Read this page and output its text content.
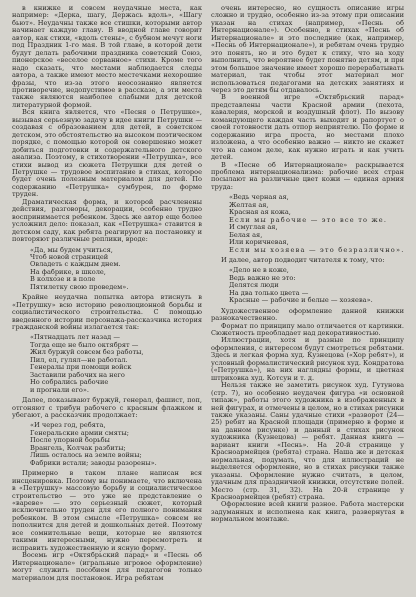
в книжке и совсем неудачные места, как например: «Дерка, шагу, Держась вдоль», «Шагу бьют». Неудачны также все стишки, которыми автор начинает каждую главу. В вводной главе говорит автор, как стихи, «вдоль стены», с бубном мечут ноги под Праздник 1-го мая. В той главе, в которой дети будут делать рабочими праздника советский Союз, пионерское «веселое сорванное» стихи. Кроме того надо сказать, что местами наблюдается следы автора, а также имеют место местечками нехорошие фразы, что из-за этого неосознанно является противоречие, недопустимое в рассказе, а эти места также являются наиболее слабыми для детской литературной формой.

Вся книга является, что «Песня о Петрушке», вызывая серьезную задачу в идее книги Петрушки — создавая с образованием для детей, в советском детском, это обстоятельство на высоком поэтическом порядке, с помощью которой он совершенно может добиться подготовки и содержательного детского анализа. Поэтому, в стихотворении «Петрушка», все стихи вывод из сюжета Петрушки для детей о Петрушке — трудовое воспитание в стихах, которое будет очень полезным материалом для детей. По содержанию «Петрушка» сумбурен, по форме труден.

Драматическая форма, и которой расчленены действия, разговоры, декорации, особенно трудно воспринимается ребенком. Здесь же автор еще более усложнил дело: показал, как «Петрушка» ставится в детском саду, как ребята реагируют на постановку и повторяют различные реплики, вроде:

«Да, мы будем учиться,
Чтоб новой страницей
Овладеть с каждым днем.
На фабрике, в школе,
В колхозе и в поле
Пятилетку свою проведем».

Крайне неудачна попытка автора втиснуть в «Петрушку» всю историю революционной борьбы и социалистического строительства. С помощью введенного истории персонажа-рассказчика история гражданской войны излагается так:

«Пятнадцать лет назад —
Тогда еще не было октябрят —
Жил буржуй совсем без работы,
Пил, ел, гулял—не работал.
Генералы при помощи войск
Заставили рабочих на него
Но собрались рабочие
и прогнали его».

Далее, показывают буржуй, генерал, фашист, поп, отгоняют с трибун рабочего с красным флажком и убегают, а рассказчик продолжает:

«И через год, ребята,
Генеральские армии смяты;
После упорной борьбы
Врангель, Колчак разбиты;
Лишь осталось на земле войны;
Фабрики встали; заводы разорены».

Примерно в таком плане написан вся инсценировка. Поэтому вы понимаете, что включена в «Петрушку» массовую борьбу и социалистическое строительство — это уже не представление о «вареве» — это серьезный сюжет, который исключительно труден для его полного понимания ребенком. В этом смысле «Петрушка» совсем не пополнится для детей и дошкольных детей. Поэтому все сомнительные вещи, которые не являются такими интересными, нужно пересмотреть и исправить художественную и ясную форму.

Восемь игр «Октябрьский парад» и «Песнь об Интернационале» (игральные игровое оформление) могут служить пособием для педагогов только материалом для постановок. Игра ребятам

очень интересно, но сущность описание игры сложно и трудно, особенно из-за этому при описании указан на стихах (например, «Песнь об Интернационале»). Особенно, в стихах «Песнь об Интернационале» и это последние (как, например, «Песнь об Интернационале»), и ребятам очень трудно это понять, но и это будет к стиху, что на ходу выполнить, что вероятнее будет понятно детям, и при этом большое значение имеет хорошо перерабатывать материал, так чтобы этот материал мог использоваться педагогами на детских занятиях и через это детям бы отдавалось.

В военной игре «Октябрьский парад» представлены части Красной армии (пехота, кавалерия, морской и воздушный флот). По вызову командующего каждая часть выходит и рапортует о своей готовности дать отпор неприятелю. По форме и содержанию игра проста, но местами плохо изложена, а что особенно важно — никто не скажет что на самом деле, как нужно играть и как учить детей.

В «Песне об Интернационале» раскрывается проблема интернационализма: рабочие всех стран посылают на различные цвет кожи — единая армия труда:

«Ведь черная ая,
Желтая ая,
Красная ая кожа,
Если мы рабочие — это все то же.
И смуглая ая,
Белая ая,
Или коричневая,
Если мы хозяева — это безразлично».

И далее, автор подводит читателя к тому, что:

«Дело не в коже,
Ведь важно не это:
Делятся люди
На два только цвета —
Красные — рабочие и белые — хозяева».

Художественное оформление данной книжки разнокачественно.

Формат по принципу мало отличается от картинки. Сюжетность преобладает над декоративностью.

Иллюстрации, хотя и разные по принципу оформления, с интересом будут смотреться ребятами. Здесь и легкая форма худ. Кузнецова («Хор ребят»), и условный формалистический рисунок худ. Кондратова («Петрушка»), на них наглядны формы, и цветная штриховка худ. Котсун и т. д.

Нельзя также не заметить рисунок худ. Гутунова (стр. 7), но особенно неудачен фигура «и основной типаж», работы этого художника в изображенных в ней фигурах, и отмечены в целом, но в стихах рисунки также указаны. Саны удачные стихи «разворот (24—25) ребят на Красной площади (примерно в форме и на данном рисунке) и данный в стихах рисунок художника (Кузнецова) — ребят. Данная книга — вариант книги «Песнь». На 20-й странице у Красноармейцев (ребята) страна. Наша же и детская нормальная, подумать, что для иллюстраций не выделяется оформление, но в стихах рисунки также указаны. Оформление нужно считать, в целом, удачным для праздничной книжки, отсутствие полей. Место (стр. 31, 32). На 20-й странице у Красноармейцев (ребят) страна.

Оформление всей книги разное. Работа мастерски задуманных и исполнена как книга, развернутая в нормальном монтаже.
